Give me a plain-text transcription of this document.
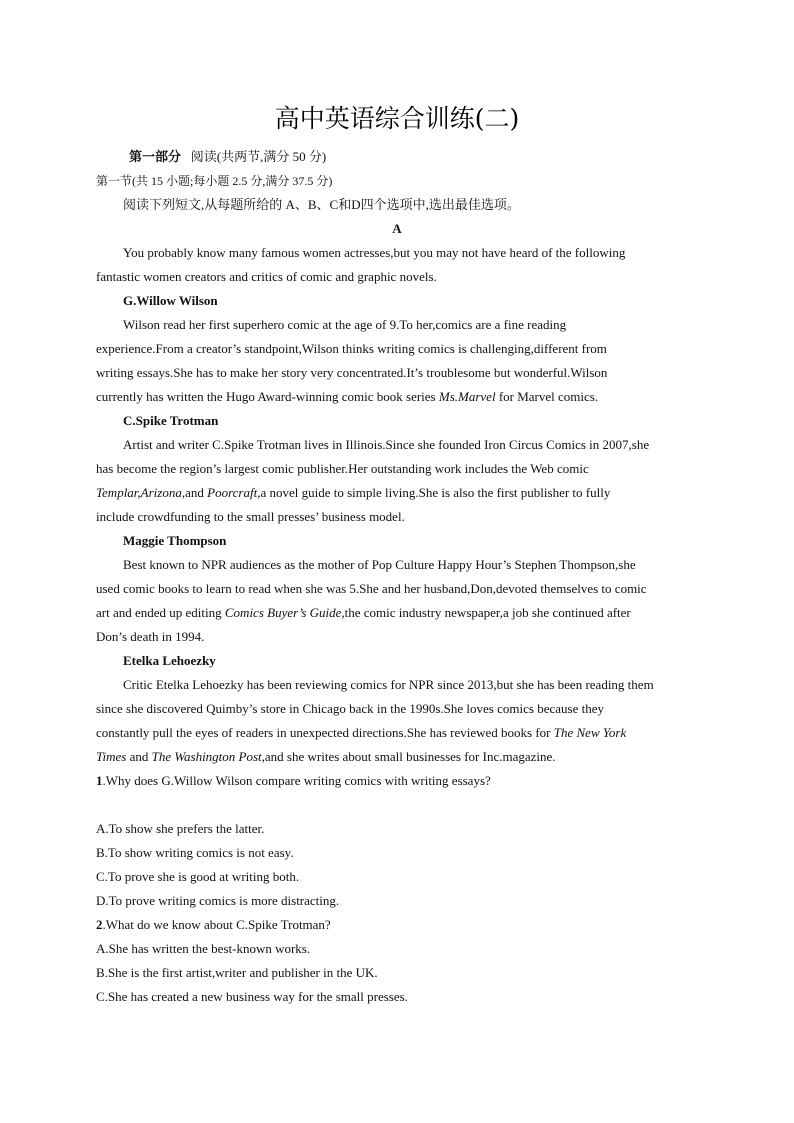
高中英语综合训练(二)
第一部分 阅读(共两节,满分 50 分)
第一节(共 15 小题;每小题 2.5 分,满分 37.5 分)
阅读下列短文,从每题所给的 A、B、C和D四个选项中,选出最佳选项。
A
You probably know many famous women actresses,but you may not have heard of the following
fantastic women creators and critics of comic and graphic novels.
G.Willow Wilson
Wilson read her first superhero comic at the age of 9.To her,comics are a fine reading
experience.From a creator’s standpoint,Wilson thinks writing comics is challenging,different from
writing essays.She has to make her story very concentrated.It’s troublesome but wonderful.Wilson
currently has written the Hugo Award-winning comic book series Ms.Marvel for Marvel comics.
C.Spike Trotman
Artist and writer C.Spike Trotman lives in Illinois.Since she founded Iron Circus Comics in 2007,she
has become the region’s largest comic publisher.Her outstanding work includes the Web comic
Templar,Arizona,and Poorcraft,a novel guide to simple living.She is also the first publisher to fully
include crowdfunding to the small presses’ business model.
Maggie Thompson
Best known to NPR audiences as the mother of Pop Culture Happy Hour’s Stephen Thompson,she
used comic books to learn to read when she was 5.She and her husband,Don,devoted themselves to comic
art and ended up editing Comics Buyer’s Guide,the comic industry newspaper,a job she continued after
Don’s death in 1994.
Etelka Lehoezky
Critic Etelka Lehoezky has been reviewing comics for NPR since 2013,but she has been reading them
since she discovered Quimby’s store in Chicago back in the 1990s.She loves comics because they
constantly pull the eyes of readers in unexpected directions.She has reviewed books for The New York
Times and The Washington Post,and she writes about small businesses for Inc.magazine.
1.Why does G.Willow Wilson compare writing comics with writing essays?
A.To show she prefers the latter.
B.To show writing comics is not easy.
C.To prove she is good at writing both.
D.To prove writing comics is more distracting.
2.What do we know about C.Spike Trotman?
A.She has written the best-known works.
B.She is the first artist,writer and publisher in the UK.
C.She has created a new business way for the small presses.
